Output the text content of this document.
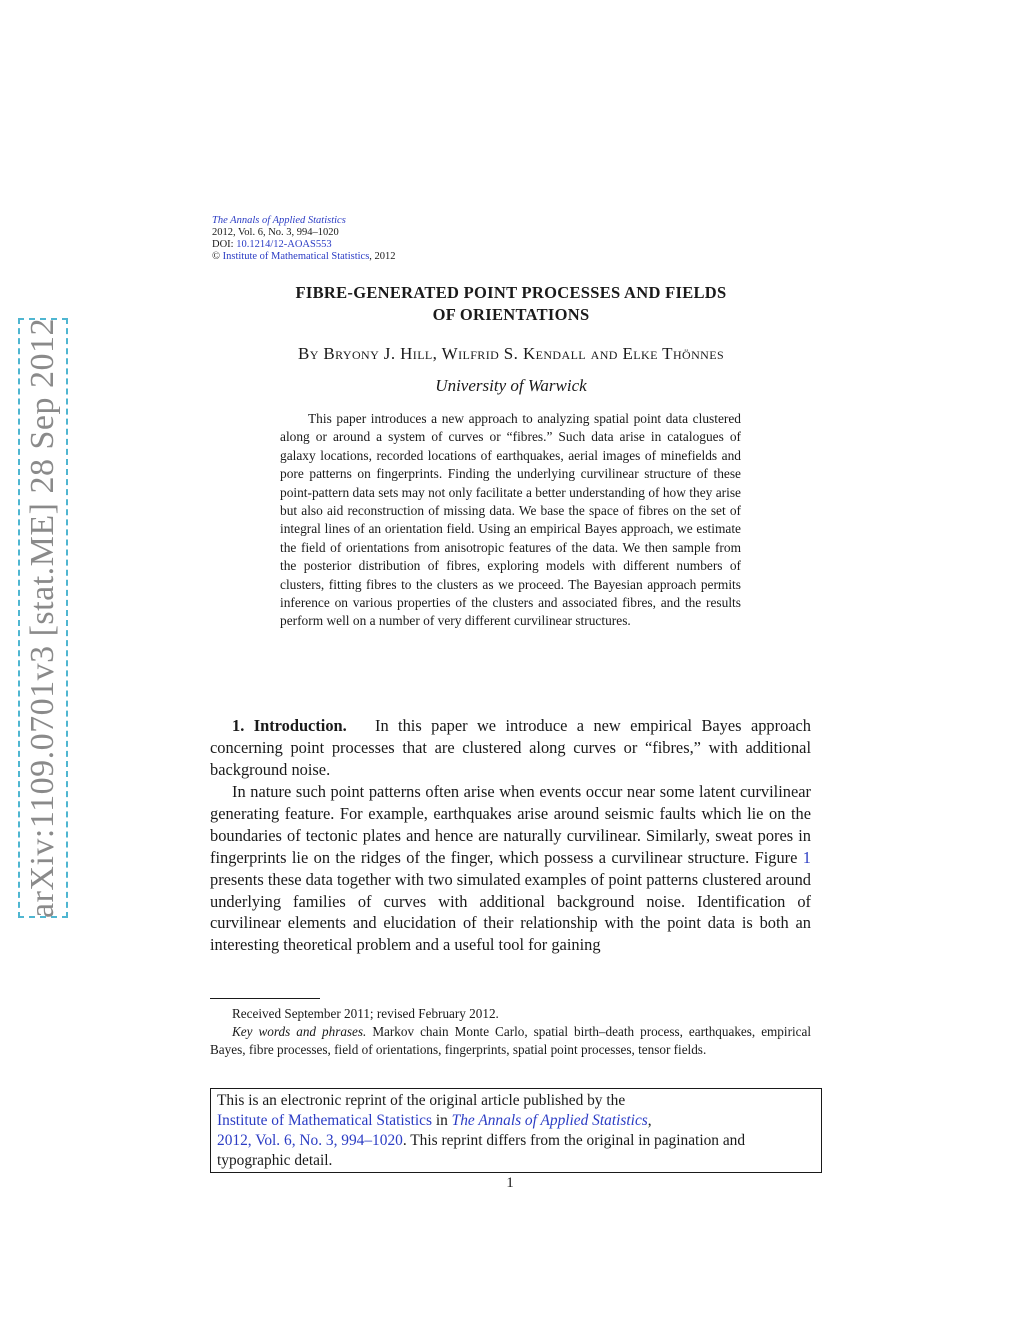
arXiv:1109.0701v3 [stat.ME] 28 Sep 2012
The Annals of Applied Statistics
2012, Vol. 6, No. 3, 994–1020
DOI: 10.1214/12-AOAS553
© Institute of Mathematical Statistics, 2012
FIBRE-GENERATED POINT PROCESSES AND FIELDS
OF ORIENTATIONS
By Bryony J. Hill, Wilfrid S. Kendall and Elke Thönnes
University of Warwick
This paper introduces a new approach to analyzing spatial point data clustered along or around a system of curves or “fibres.” Such data arise in catalogues of galaxy locations, recorded locations of earthquakes, aerial images of minefields and pore patterns on fingerprints. Finding the underlying curvilinear structure of these point-pattern data sets may not only facilitate a better understanding of how they arise but also aid reconstruction of missing data. We base the space of fibres on the set of integral lines of an orientation field. Using an empirical Bayes approach, we estimate the field of orientations from anisotropic features of the data. We then sample from the posterior distribution of fibres, exploring models with different numbers of clusters, fitting fibres to the clusters as we proceed. The Bayesian approach permits inference on various properties of the clusters and associated fibres, and the results perform well on a number of very different curvilinear structures.
1. Introduction. In this paper we introduce a new empirical Bayes approach concerning point processes that are clustered along curves or “fibres,” with additional background noise.
In nature such point patterns often arise when events occur near some latent curvilinear generating feature. For example, earthquakes arise around seismic faults which lie on the boundaries of tectonic plates and hence are naturally curvilinear. Similarly, sweat pores in fingerprints lie on the ridges of the finger, which possess a curvilinear structure. Figure 1 presents these data together with two simulated examples of point patterns clustered around underlying families of curves with additional background noise. Identification of curvilinear elements and elucidation of their relationship with the point data is both an interesting theoretical problem and a useful tool for gaining
Received September 2011; revised February 2012.
Key words and phrases. Markov chain Monte Carlo, spatial birth–death process, earthquakes, empirical Bayes, fibre processes, field of orientations, fingerprints, spatial point processes, tensor fields.
This is an electronic reprint of the original article published by the
Institute of Mathematical Statistics in The Annals of Applied Statistics,
2012, Vol. 6, No. 3, 994–1020. This reprint differs from the original in pagination and typographic detail.
1
